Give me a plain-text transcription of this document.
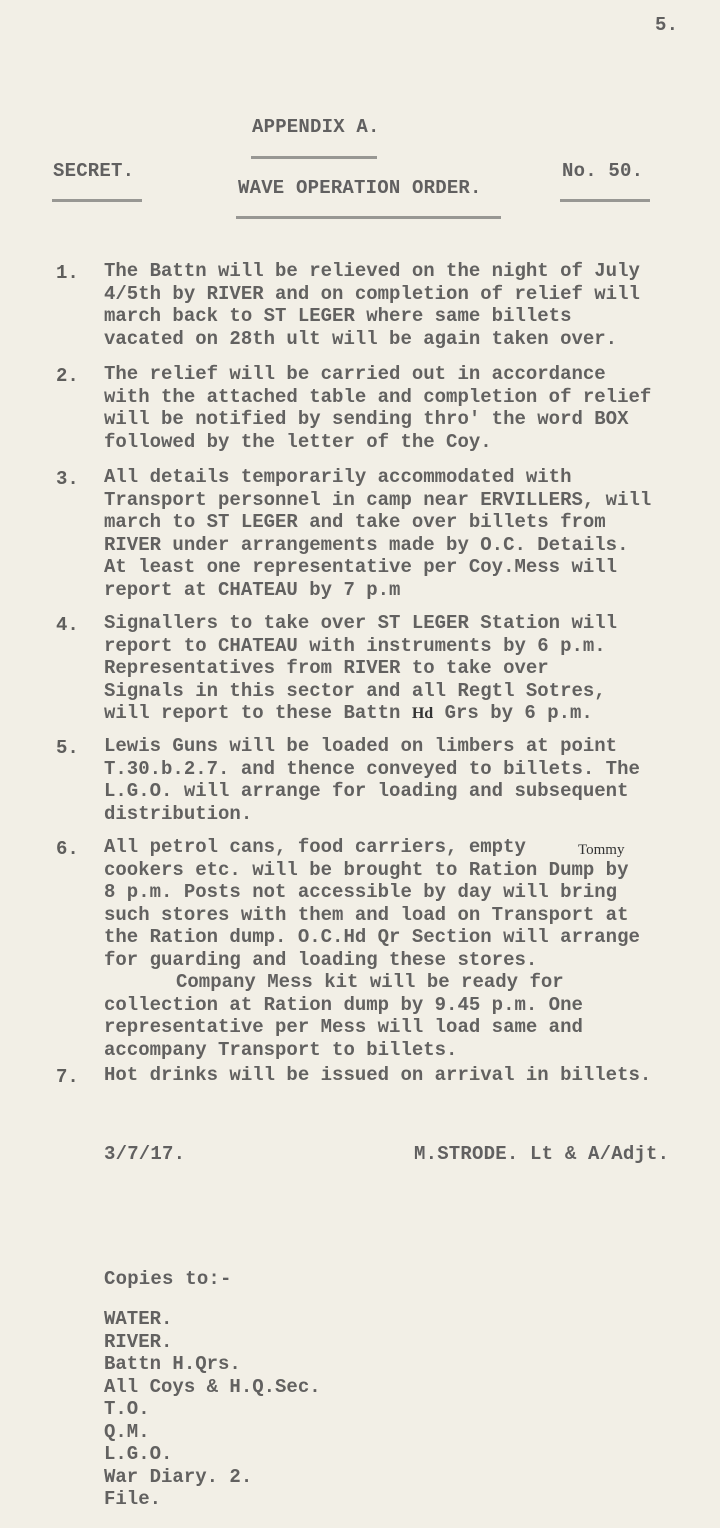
5.
APPENDIX A.
SECRET.
WAVE OPERATION ORDER.
No. 50.
1. The Battn will be relieved on the night of July
4/5th by RIVER and on completion of relief will
march back to ST LEGER where same billets
vacated on 28th ult will be again taken over.
2. The relief will be carried out in accordance
with the attached table and completion of relief
will be notified by sending thro' the word BOX
followed by the letter of the Coy.
3. All details temporarily accommodated with
Transport personnel in camp near ERVILLERS, will
march to ST LEGER and take over billets from
RIVER under arrangements made by O.C. Details.
At least one representative per Coy.Mess will
report at CHATEAU by 7 p.m
4. Signallers to take over ST LEGER Station will
report to CHATEAU with instruments by 6 p.m.
Representatives from RIVER to take over
Signals in this sector and all Regtl Sotres,
will report to these Battn Hd Grs by 6 p.m.
5. Lewis Guns will be loaded on limbers at point
T.30.b.2.7. and thence conveyed to billets. The
L.G.O. will arrange for loading and subsequent
distribution.
6. All petrol cans, food carriers, empty
cookers etc. will be brought to Ration Dump by
8 p.m. Posts not accessible by day will bring
such stores with them and load on Transport at
the Ration dump. O.C.Hd Qr Section will arrange
for guarding and loading these stores.
Company Mess kit will be ready for
collection at Ration dump by 9.45 p.m. One
representative per Mess will load same and
accompany Transport to billets.
Tommy
7. Hot drinks will be issued on arrival in billets.
3/7/17.	M.STRODE. Lt & A/Adjt.
Copies to:-
WATER.
RIVER.
Battn H.Qrs.
All Coys & H.Q.Sec.
T.O.
Q.M.
L.G.O.
War Diary. 2.
File.
